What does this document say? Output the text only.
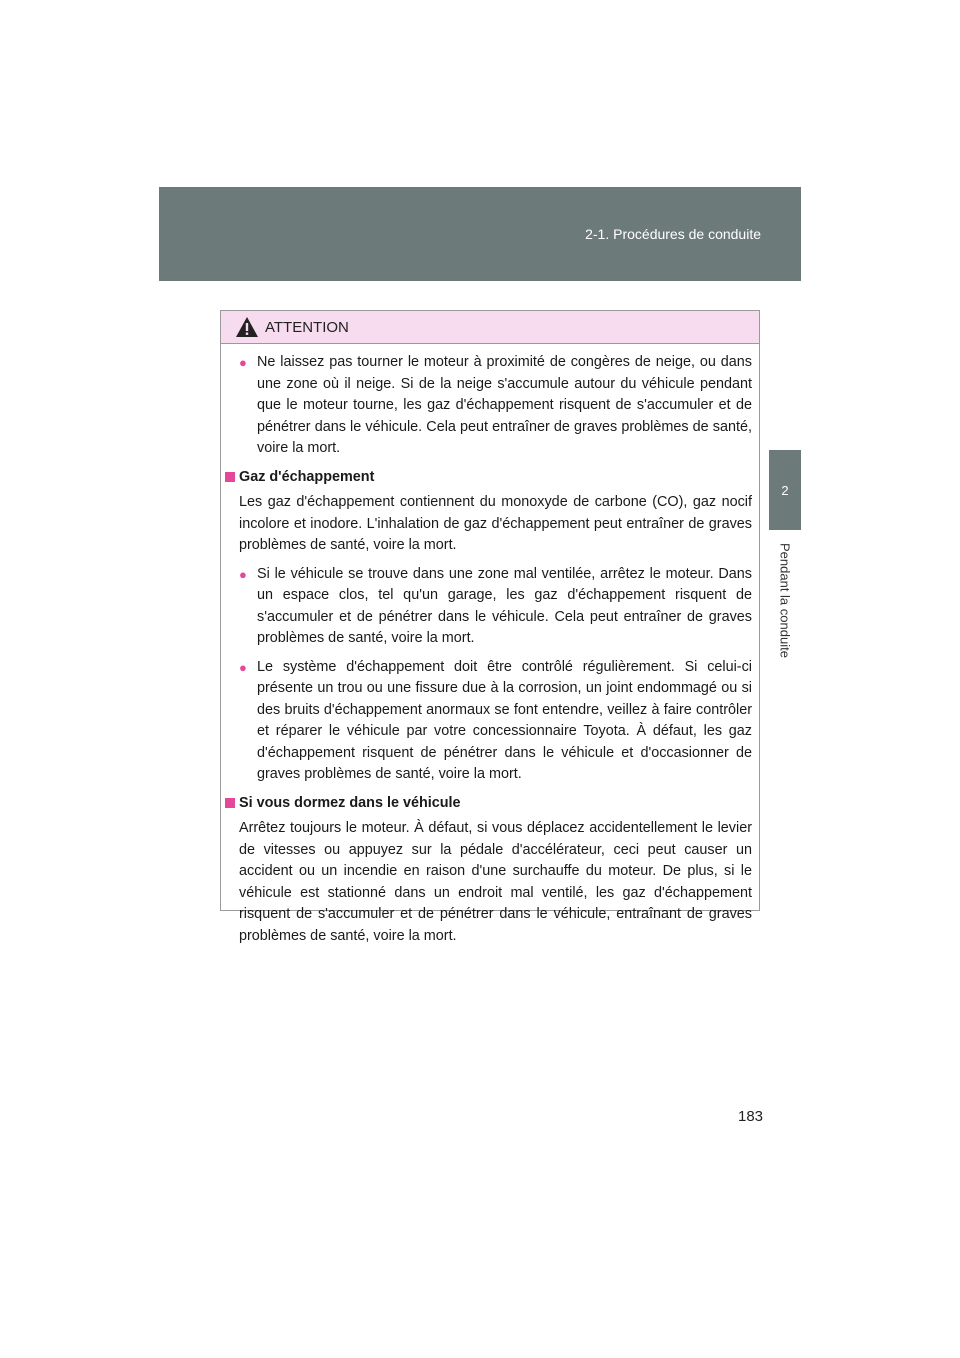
2-1. Procédures de conduite
2
Pendant la conduite
ATTENTION
● Ne laissez pas tourner le moteur à proximité de congères de neige, ou dans une zone où il neige. Si de la neige s'accumule autour du véhicule pendant que le moteur tourne, les gaz d'échappement risquent de s'accumuler et de pénétrer dans le véhicule. Cela peut entraîner de graves problèmes de santé, voire la mort.
Gaz d'échappement
Les gaz d'échappement contiennent du monoxyde de carbone (CO), gaz nocif incolore et inodore. L'inhalation de gaz d'échappement peut entraîner de graves problèmes de santé, voire la mort.
● Si le véhicule se trouve dans une zone mal ventilée, arrêtez le moteur. Dans un espace clos, tel qu'un garage, les gaz d'échappement risquent de s'accumuler et de pénétrer dans le véhicule. Cela peut entraîner de graves problèmes de santé, voire la mort.
● Le système d'échappement doit être contrôlé régulièrement. Si celui-ci présente un trou ou une fissure due à la corrosion, un joint endommagé ou si des bruits d'échappement anormaux se font entendre, veillez à faire contrôler et réparer le véhicule par votre concessionnaire Toyota. À défaut, les gaz d'échappement risquent de pénétrer dans le véhicule et d'occasionner de graves problèmes de santé, voire la mort.
Si vous dormez dans le véhicule
Arrêtez toujours le moteur. À défaut, si vous déplacez accidentellement le levier de vitesses ou appuyez sur la pédale d'accélérateur, ceci peut causer un accident ou un incendie en raison d'une surchauffe du moteur. De plus, si le véhicule est stationné dans un endroit mal ventilé, les gaz d'échappement risquent de s'accumuler et de pénétrer dans le véhicule, entraînant de graves problèmes de santé, voire la mort.
183
